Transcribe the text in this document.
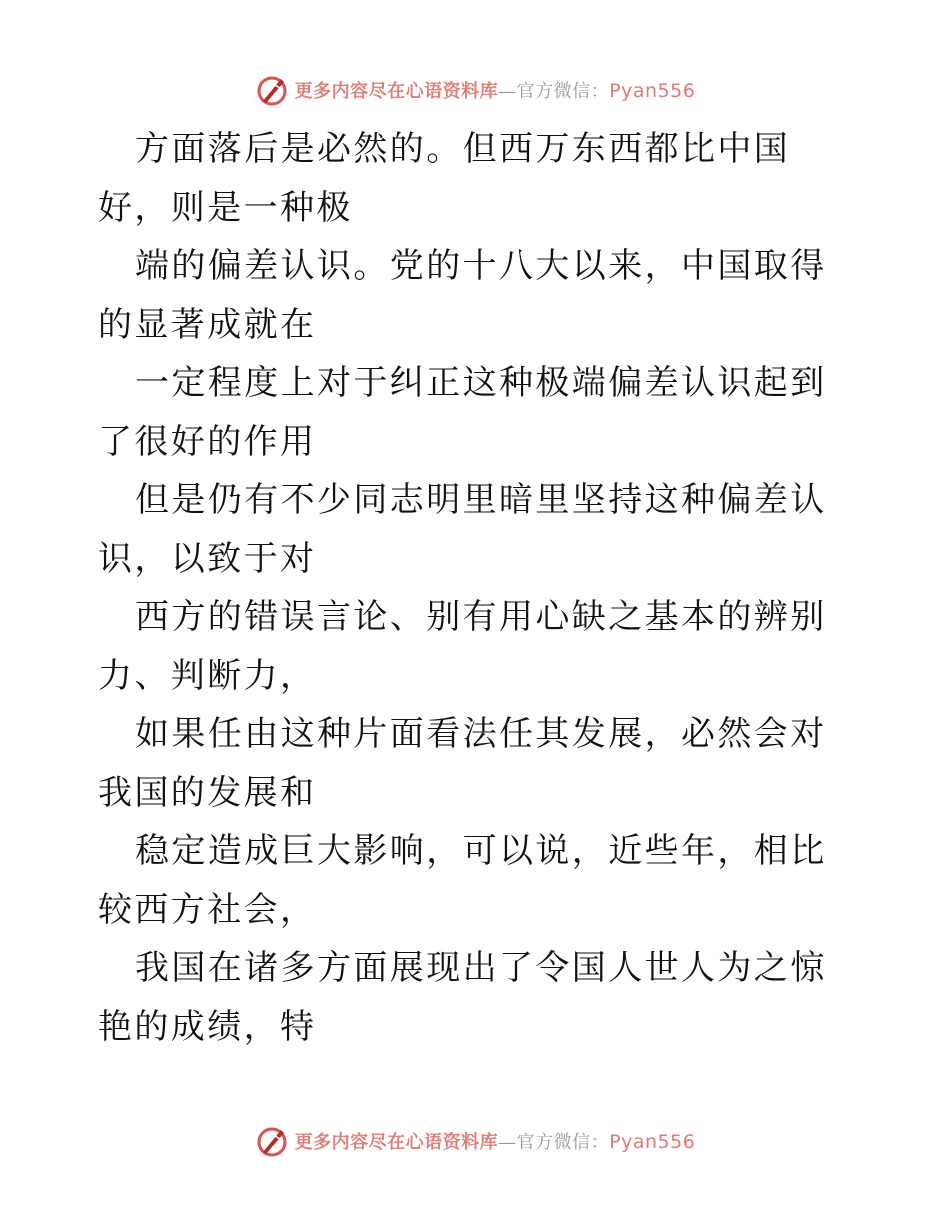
更多内容尽在心语资料库—官方微信：Pyan556

方面落后是必然的。但西万东西都比中国好，则是一种极

端的偏差认识。党的十八大以来，中国取得的显著成就在

一定程度上对于纠正这种极端偏差认识起到了很好的作用

但是仍有不少同志明里暗里坚持这种偏差认识，以致于对

西方的错误言论、别有用心缺之基本的辨别力、判断力，

如果任由这种片面看法任其发展，必然会对我国的发展和

稳定造成巨大影响，可以说，近些年，相比较西方社会，

我国在诸多方面展现出了令国人世人为之惊艳的成绩，特

更多内容尽在心语资料库—官方微信：Pyan556
